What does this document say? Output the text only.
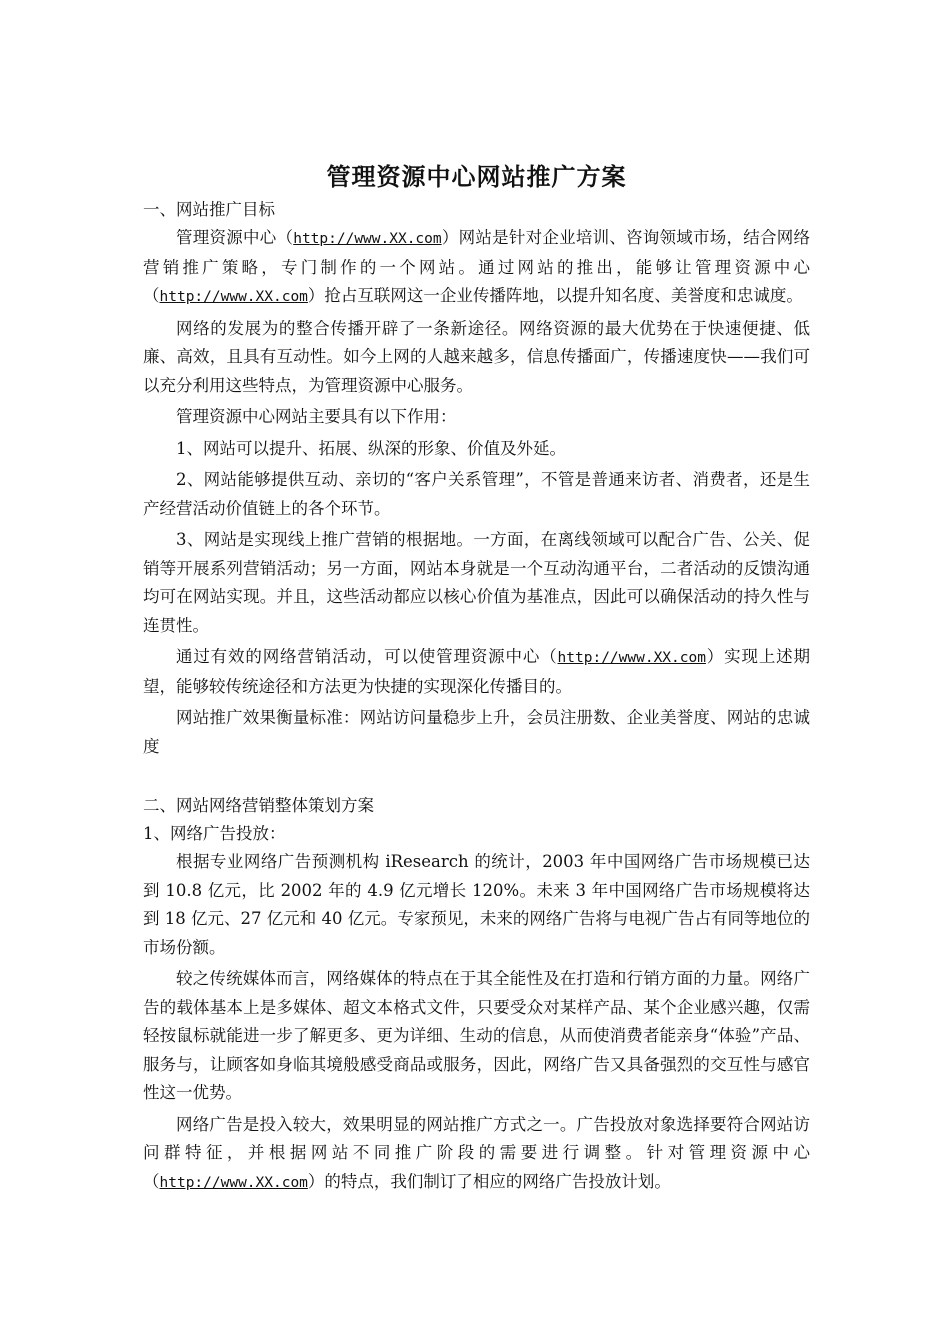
管理资源中心网站推广方案

一、网站推广目标

管理资源中心（http://www.XX.com）网站是针对企业培训、咨询领域市场，结合网络营销推广策略，专门制作的一个网站。通过网站的推出，能够让管理资源中心（http://www.XX.com）抢占互联网这一企业传播阵地，以提升知名度、美誉度和忠诚度。

网络的发展为的整合传播开辟了一条新途径。网络资源的最大优势在于快速便捷、低廉、高效，且具有互动性。如今上网的人越来越多，信息传播面广，传播速度快——我们可以充分利用这些特点，为管理资源中心服务。

管理资源中心网站主要具有以下作用：

1、网站可以提升、拓展、纵深的形象、价值及外延。

2、网站能够提供互动、亲切的“客户关系管理”，不管是普通来访者、消费者，还是生产经营活动价值链上的各个环节。

3、网站是实现线上推广营销的根据地。一方面，在离线领域可以配合广告、公关、促销等开展系列营销活动；另一方面，网站本身就是一个互动沟通平台，二者活动的反馈沟通均可在网站实现。并且，这些活动都应以核心价值为基准点，因此可以确保活动的持久性与连贯性。

通过有效的网络营销活动，可以使管理资源中心（http://www.XX.com）实现上述期望，能够较传统途径和方法更为快捷的实现深化传播目的。

网站推广效果衡量标准：网站访问量稳步上升，会员注册数、企业美誉度、网站的忠诚度

二、网站网络营销整体策划方案

1、网络广告投放：

根据专业网络广告预测机构 iResearch 的统计，2003 年中国网络广告市场规模已达到 10.8 亿元，比 2002 年的 4.9 亿元增长 120%。未来 3 年中国网络广告市场规模将达到 18 亿元、27 亿元和 40 亿元。专家预见，未来的网络广告将与电视广告占有同等地位的市场份额。

较之传统媒体而言，网络媒体的特点在于其全能性及在打造和行销方面的力量。网络广告的载体基本上是多媒体、超文本格式文件，只要受众对某样产品、某个企业感兴趣，仅需轻按鼠标就能进一步了解更多、更为详细、生动的信息，从而使消费者能亲身“体验”产品、服务与，让顾客如身临其境般感受商品或服务，因此，网络广告又具备强烈的交互性与感官性这一优势。

网络广告是投入较大，效果明显的网站推广方式之一。广告投放对象选择要符合网站访问群特征，并根据网站不同推广阶段的需要进行调整。针对管理资源中心（http://www.XX.com）的特点，我们制订了相应的网络广告投放计划。
